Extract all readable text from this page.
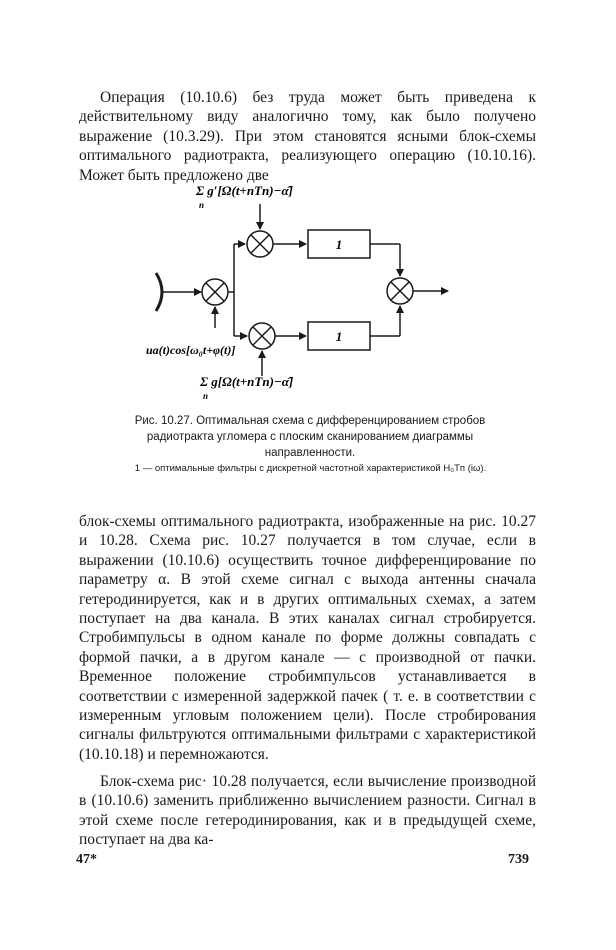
Операция (10.10.6) без труда может быть приведена к действительному виду аналогично тому, как было получено выражение (10.3.29). При этом становятся ясными блок-схемы оптимального радиотракта, реализующего операцию (10.10.16). Может быть предложено две

1
1
Σ g′[Ω(t+nTп)−α̂]
n
uа(t)cos[ω₀t+φ(t)]
Σ g[Ω(t+nTп)−α̂]
n

Рис. 10.27. Оптимальная схема с дифференцированием стробов радиотракта угломера с плоским сканированием диаграммы направленности.

1 — оптимальные фильтры с дискретной частотной характеристикой H₀Tп (iω).

блок-схемы оптимального радиотракта, изображенные на рис. 10.27 и 10.28. Схема рис. 10.27 получается в том случае, если в выражении (10.10.6) осуществить точное дифференцирование по параметру α. В этой схеме сигнал с выхода антенны сначала гетеродинируется, как и в других оптимальных схемах, а затем поступает на два канала. В этих каналах сигнал стробируется. Стробимпульсы в одном канале по форме должны совпадать с формой пачки, а в другом канале — с производной от пачки. Временное положение стробимпульсов устанавливается в соответствии с измеренной задержкой пачек ( т. е. в соответствии с измеренным угловым положением цели). После стробирования сигналы фильтруются оптимальными фильтрами с характеристикой (10.10.18) и перемножаются.

Блок-схема рис· 10.28 получается, если вычисление производной в (10.10.6) заменить приближенно вычислением разности. Сигнал в этой схеме после гетеродинирования, как и в предыдущей схеме, поступает на два ка-

47*	739
